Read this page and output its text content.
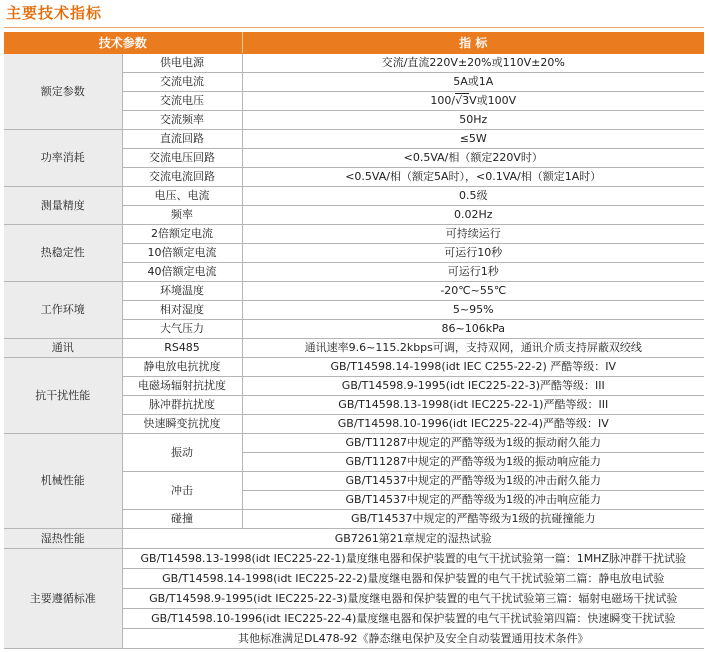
主要技术指标
技术参数		指 标
额定参数	供电电源	交流/直流220V±20%或110V±20%
	交流电流	5A或1A
	交流电压	100/√3V或100V
	交流频率	50Hz
功率消耗	直流回路	≤5W
	交流电压回路	<0.5VA/相（额定220V时）
	交流电流回路	<0.5VA/相（额定5A时），<0.1VA/相（额定1A时）
测量精度	电压、电流	0.5级
	频率	0.02Hz
热稳定性	2倍额定电流	可持续运行
	10倍额定电流	可运行10秒
	40倍额定电流	可运行1秒
工作环境	环境温度	-20℃~55℃
	相对湿度	5~95%
	大气压力	86~106kPa
通讯	RS485	通讯速率9.6~115.2kbps可调，支持双网，通讯介质支持屏蔽双绞线
抗干扰性能	静电放电抗扰度	GB/T14598.14-1998(idt IEC C255-22-2) 严酷等级：IV
	电磁场辐射抗扰度	GB/T14598.9-1995(idt IEC225-22-3)严酷等级：III
	脉冲群抗扰度	GB/T14598.13-1998(idt IEC225-22-1)严酷等级：III
	快速瞬变抗扰度	GB/T14598.10-1996(idt IEC225-22-4)严酷等级：IV
机械性能	振动	GB/T11287中规定的严酷等级为1级的振动耐久能力
		GB/T11287中规定的严酷等级为1级的振动响应能力
	冲击	GB/T14537中规定的严酷等级为1级的冲击耐久能力
		GB/T14537中规定的严酷等级为1级的冲击响应能力
	碰撞	GB/T14537中规定的严酷等级为1级的抗碰撞能力
湿热性能	GB7261第21章规定的湿热试验	
主要遵循标准	GB/T14598.13-1998(idt IEC225-22-1)量度继电器和保护装置的电气干扰试验第一篇：1MHZ脉冲群干扰试验	
	GB/T14598.14-1998(idt IEC225-22-2)量度继电器和保护装置的电气干扰试验第二篇：静电放电试验	
	GB/T14598.9-1995(idt IEC225-22-3)量度继电器和保护装置的电气干扰试验第三篇：辐射电磁场干扰试验	
	GB/T14598.10-1996(idt IEC225-22-4)量度继电器和保护装置的电气干扰试验第四篇：快速瞬变干扰试验	
	其他标准满足DL478-92《静态继电保护及安全自动装置通用技术条件》	
